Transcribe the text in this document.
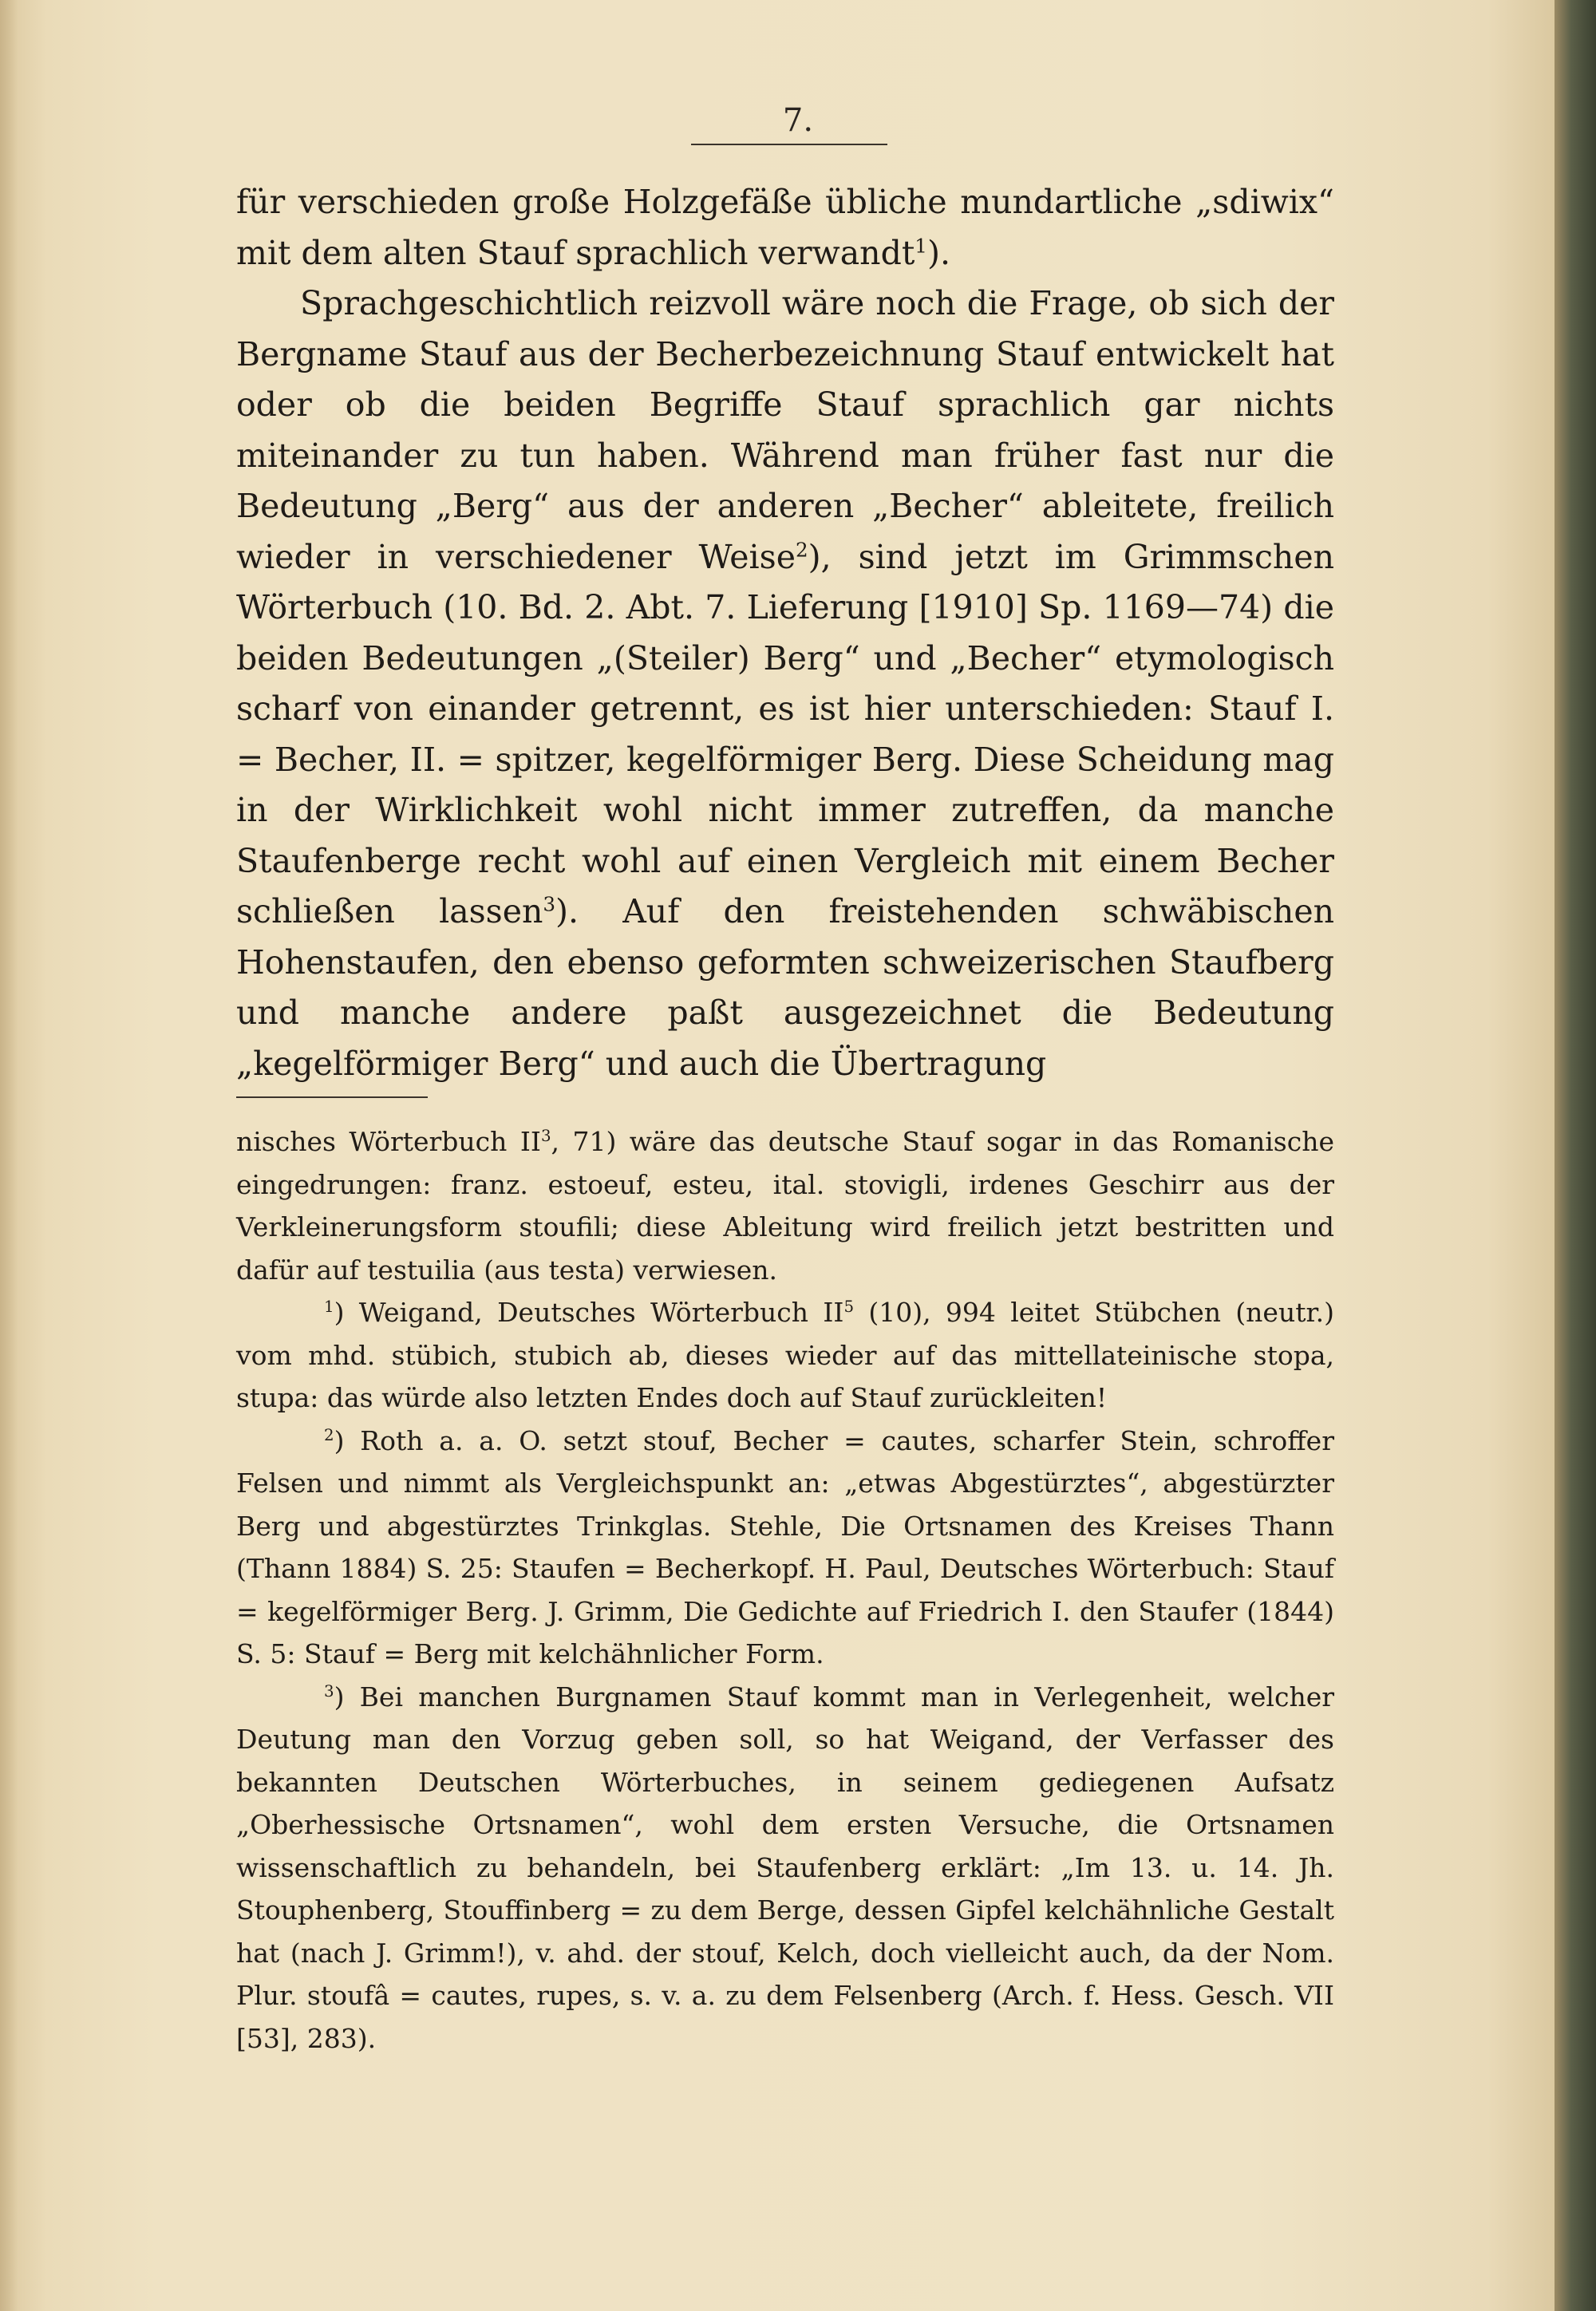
7.

für verschieden große Holzgefäße übliche mundartliche „sdiwix“ mit dem alten Stauf sprachlich verwandt$^1$).

Sprachgeschichtlich reizvoll wäre noch die Frage, ob sich der Bergname Stauf aus der Becherbezeichnung Stauf entwickelt hat oder ob die beiden Begriffe Stauf sprachlich gar nichts miteinander zu tun haben. Während man früher fast nur die Bedeutung „Berg“ aus der anderen „Becher“ ableitete, freilich wieder in verschiedener Weise$^2$), sind jetzt im Grimmschen Wörterbuch (10. Bd. 2. Abt. 7. Lieferung [1910] Sp. 1169—74) die beiden Bedeutungen „(Steiler) Berg“ und „Becher“ etymologisch scharf von einander getrennt, es ist hier unterschieden: Stauf I. = Becher, II. = spitzer, kegelförmiger Berg. Diese Scheidung mag in der Wirklichkeit wohl nicht immer zutreffen, da manche Staufenberge recht wohl auf einen Vergleich mit einem Becher schließen lassen$^3$). Auf den freistehenden schwäbischen Hohenstaufen, den ebenso geformten schweizerischen Staufberg und manche andere paßt ausgezeichnet die Bedeutung „kegelförmiger Berg“ und auch die Übertragung

nisches Wörterbuch $II^3$, 71) wäre das deutsche Stauf sogar in das Romanische eingedrungen: franz. estoeuf, esteu, ital. stovigli, irdenes Geschirr aus der Verkleinerungsform stoufili; diese Ableitung wird freilich jetzt bestritten und dafür auf testuilia (aus testa) verwiesen.

$^1$) Weigand, Deutsches Wörterbuch $II^5$ (10), 994 leitet Stübchen (neutr.) vom mhd. stübich, stubich ab, dieses wieder auf das mittellateinische stopa, stupa: das würde also letzten Endes doch auf Stauf zurückleiten!

$^2$) Roth a. a. O. setzt stouf, Becher = cautes, scharfer Stein, schroffer Felsen und nimmt als Vergleichspunkt an: „etwas Abgestürztes“, abgestürzter Berg und abgestürztes Trinkglas. Stehle, Die Ortsnamen des Kreises Thann (Thann 1884) S. 25: Staufen = Becherkopf. H. Paul, Deutsches Wörterbuch: Stauf = kegelförmiger Berg. J. Grimm, Die Gedichte auf Friedrich I. den Staufer (1844) S. 5: Stauf = Berg mit kelchähnlicher Form.

$^3$) Bei manchen Burgnamen Stauf kommt man in Verlegenheit, welcher Deutung man den Vorzug geben soll, so hat Weigand, der Verfasser des bekannten Deutschen Wörterbuches, in seinem gediegenen Aufsatz „Oberhessische Ortsnamen“, wohl dem ersten Versuche, die Ortsnamen wissenschaftlich zu behandeln, bei Staufenberg erklärt: „Im 13. u. 14. Jh. Stouphenberg, Stouffinberg = zu dem Berge, dessen Gipfel kelchähnliche Gestalt hat (nach J. Grimm!), v. ahd. der stouf, Kelch, doch vielleicht auch, da der Nom. Plur. stoufâ = cautes, rupes, s. v. a. zu dem Felsenberg (Arch. f. Hess. Gesch. VII [53], 283).
